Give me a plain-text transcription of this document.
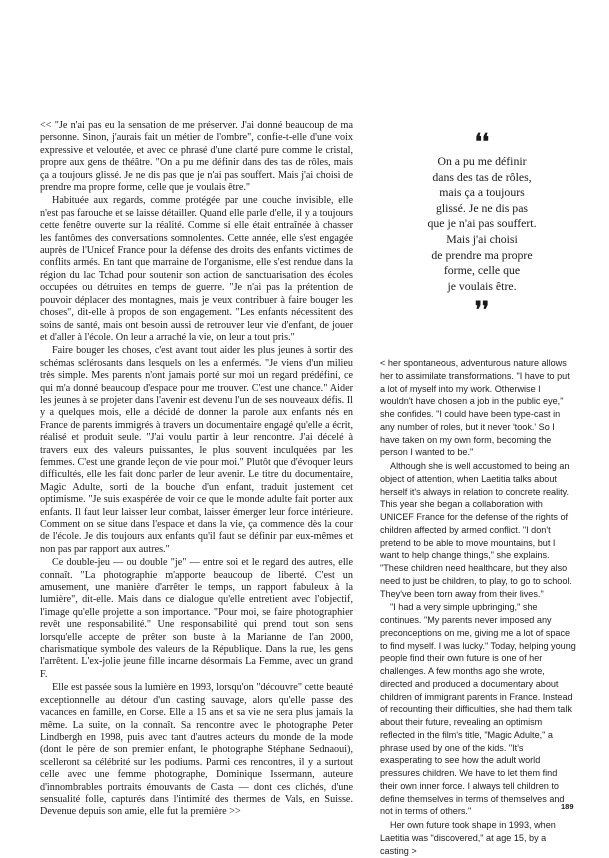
<< "Je n'ai pas eu la sensation de me préserver. J'ai donné beaucoup de ma personne. Sinon, j'aurais fait un métier de l'ombre", confie-t-elle d'une voix expressive et veloutée, et avec ce phrasé d'une clarté pure comme le cristal, propre aux gens de théâtre. "On a pu me définir dans des tas de rôles, mais ça a toujours glissé. Je ne dis pas que je n'ai pas souffert. Mais j'ai choisi de prendre ma propre forme, celle que je voulais être."

Habituée aux regards, comme protégée par une couche invisible, elle n'est pas farouche et se laisse détailler. Quand elle parle d'elle, il y a toujours cette fenêtre ouverte sur la réalité. Comme si elle était entraînée à chasser les fantômes des conversations somnolentes. Cette année, elle s'est engagée auprès de l'Unicef France pour la défense des droits des enfants victimes de conflits armés. En tant que marraine de l'organisme, elle s'est rendue dans la région du lac Tchad pour soutenir son action de sanctuarisation des écoles occupées ou détruites en temps de guerre. "Je n'ai pas la prétention de pouvoir déplacer des montagnes, mais je veux contribuer à faire bouger les choses", dit-elle à propos de son engagement. "Les enfants nécessitent des soins de santé, mais ont besoin aussi de retrouver leur vie d'enfant, de jouer et d'aller à l'école. On leur a arraché la vie, on leur a tout pris."

Faire bouger les choses, c'est avant tout aider les plus jeunes à sortir des schémas sclérosants dans lesquels on les a enfermés. "Je viens d'un milieu très simple. Mes parents n'ont jamais porté sur moi un regard prédéfini, ce qui m'a donné beaucoup d'espace pour me trouver. C'est une chance." Aider les jeunes à se projeter dans l'avenir est devenu l'un de ses nouveaux défis. Il y a quelques mois, elle a décidé de donner la parole aux enfants nés en France de parents immigrés à travers un documentaire engagé qu'elle a écrit, réalisé et produit seule. "J'ai voulu partir à leur rencontre. J'ai décelé à travers eux des valeurs puissantes, le plus souvent inculquées par les femmes. C'est une grande leçon de vie pour moi." Plutôt que d'évoquer leurs difficultés, elle les fait donc parler de leur avenir. Le titre du documentaire, Magic Adulte, sorti de la bouche d'un enfant, traduit justement cet optimisme. "Je suis exaspérée de voir ce que le monde adulte fait porter aux enfants. Il faut leur laisser leur combat, laisser émerger leur force intérieure. Comment on se situe dans l'espace et dans la vie, ça commence dès la cour de l'école. Je dis toujours aux enfants qu'il faut se définir par eux-mêmes et non pas par rapport aux autres."

Ce double-jeu — ou double "je" — entre soi et le regard des autres, elle connaît. "La photographie m'apporte beaucoup de liberté. C'est un amusement, une manière d'arrêter le temps, un rapport fabuleux à la lumière", dit-elle. Mais dans ce dialogue qu'elle entretient avec l'objectif, l'image qu'elle projette a son importance. "Pour moi, se faire photographier revêt une responsabilité." Une responsabilité qui prend tout son sens lorsqu'elle accepte de prêter son buste à la Marianne de l'an 2000, charismatique symbole des valeurs de la République. Dans la rue, les gens l'arrêtent. L'ex-jolie jeune fille incarne désormais La Femme, avec un grand F.

Elle est passée sous la lumière en 1993, lorsqu'on "découvre" cette beauté exceptionnelle au détour d'un casting sauvage, alors qu'elle passe des vacances en famille, en Corse. Elle a 15 ans et sa vie ne sera plus jamais la même. La suite, on la connaît. Sa rencontre avec le photographe Peter Lindbergh en 1998, puis avec tant d'autres acteurs du monde de la mode (dont le père de son premier enfant, le photographe Stéphane Sednaoui), scelleront sa célébrité sur les podiums. Parmi ces rencontres, il y a surtout celle avec une femme photographe, Dominique Issermann, auteure d'innombrables portraits émouvants de Casta — dont ces clichés, d'une sensualité folle, capturés dans l'intimité des thermes de Vals, en Suisse. Devenue depuis son amie, elle fut la première >>

❛❛
On a pu me définir
dans des tas de rôles,
mais ça a toujours
glissé. Je ne dis pas
que je n'ai pas souffert.
Mais j'ai choisi
de prendre ma propre
forme, celle que
je voulais être.
❜❜

< her spontaneous, adventurous nature allows her to assimilate transformations. "I have to put a lot of myself into my work. Otherwise I wouldn't have chosen a job in the public eye," she confides. "I could have been type-cast in any number of roles, but it never 'took.' So I have taken on my own form, becoming the person I wanted to be."

Although she is well accustomed to being an object of attention, when Laetitia talks about herself it's always in relation to concrete reality. This year she began a collaboration with UNICEF France for the defense of the rights of children affected by armed conflict. "I don't pretend to be able to move mountains, but I want to help change things," she explains. "These children need healthcare, but they also need to just be children, to play, to go to school. They've been torn away from their lives."

"I had a very simple upbringing," she continues. "My parents never imposed any preconceptions on me, giving me a lot of space to find myself. I was lucky." Today, helping young people find their own future is one of her challenges. A few months ago she wrote, directed and produced a documentary about children of immigrant parents in France. Instead of recounting their difficulties, she had them talk about their future, revealing an optimism reflected in the film's title, "Magic Adulte," a phrase used by one of the kids. "It's exasperating to see how the adult world pressures children. We have to let them find their own inner force. I always tell children to define themselves in terms of themselves and not in terms of others."

Her own future took shape in 1993, when Laetitia was "discovered," at age 15, by a casting >

189
